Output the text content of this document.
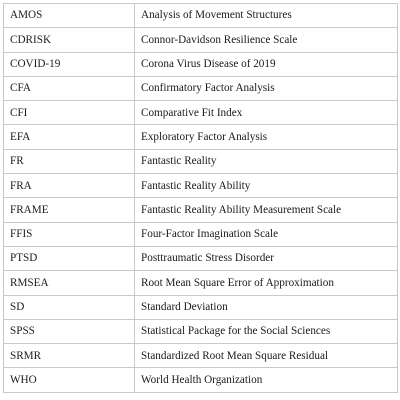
AMOS	Analysis of Movement Structures
CDRISK	Connor-Davidson Resilience Scale
COVID-19	Corona Virus Disease of 2019
CFA	Confirmatory Factor Analysis
CFI	Comparative Fit Index
EFA	Exploratory Factor Analysis
FR	Fantastic Reality
FRA	Fantastic Reality Ability
FRAME	Fantastic Reality Ability Measurement Scale
FFIS	Four-Factor Imagination Scale
PTSD	Posttraumatic Stress Disorder
RMSEA	Root Mean Square Error of Approximation
SD	Standard Deviation
SPSS	Statistical Package for the Social Sciences
SRMR	Standardized Root Mean Square Residual
WHO	World Health Organization
